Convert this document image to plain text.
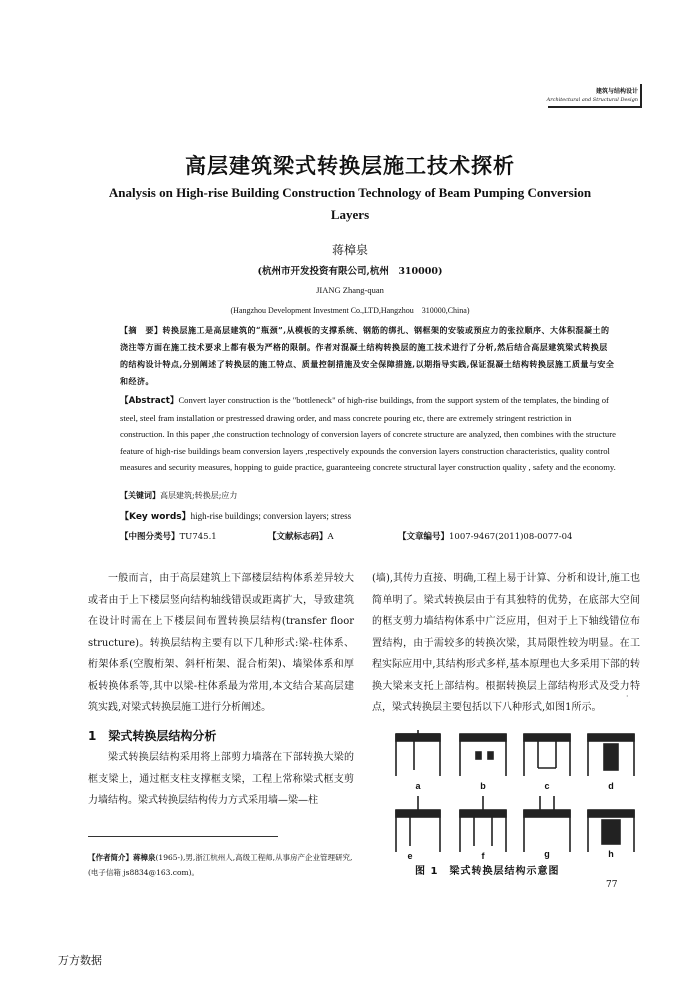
建筑与结构设计
Architectural and Structural Design
高层建筑梁式转换层施工技术探析
Analysis on High-rise Building Construction Technology of Beam Pumping Conversion Layers
蒋樟泉
(杭州市开发投资有限公司,杭州　310000)
JIANG Zhang-quan
(Hangzhou Development Investment Co.,LTD,Hangzhou　310000,China)
【摘　要】转换层施工是高层建筑的“瓶颈”,从模板的支撑系统、钢筋的绑扎、钢框架的安装或预应力的张拉顺序、大体积混凝土的浇注等方面在施工技术要求上都有极为严格的限制。作者对混凝土结构转换层的施工技术进行了分析,然后结合高层建筑梁式转换层的结构设计特点,分别阐述了转换层的施工特点、质量控制措施及安全保障措施,以期指导实践,保证混凝土结构转换层施工质量与安全和经济。
【Abstract】Convert layer construction is the "bottleneck" of high-rise buildings, from the support system of the templates, the binding of steel, steel fram installation or prestressed drawing order, and mass concrete pouring etc, there are extremely stringent restriction in construction. In this paper ,the construction technology of conversion layers of concrete structure are analyzed, then combines with the structure feature of high-rise buildings beam conversion layers ,respectively expounds the conversion layers construction characteristics, quality control measures and security measures, hopping to guide practice, guaranteeing concrete structural layer construction quality , safety and the economy.
【关键词】高层建筑;转换层;应力
【Key words】high-rise buildings; conversion layers; stress
【中图分类号】TU745.1	【文献标志码】A	【文章编号】1007-9467(2011)08-0077-04
一般而言，由于高层建筑上下部楼层结构体系差异较大或者由于上下楼层竖向结构轴线错误或距离扩大，导致建筑在设计时需在上下楼层间布置转换层结构(transfer floor structure)。转换层结构主要有以下几种形式:梁-柱体系、桁架体系(空腹桁架、斜杆桁架、混合桁架)、墙梁体系和厚板转换体系等,其中以梁-柱体系最为常用,本文结合某高层建筑实践,对梁式转换层施工进行分析阐述。
1　梁式转换层结构分析
梁式转换层结构采用将上部剪力墙落在下部转换大梁的框支梁上，通过框支柱支撑框支梁，工程上常称梁式框支剪力墙结构。梁式转换层结构传力方式采用墙—梁—柱
(墙),其传力直接、明确,工程上易于计算、分析和设计,施工也简单明了。梁式转换层由于有其独特的优势，在底部大空间的框支剪力墙结构体系中广泛应用，但对于上下轴线错位布置结构，由于需较多的转换次梁，其局限性较为明显。在工程实际应用中,其结构形式多样,基本原理也大多采用下部的转换大梁来支托上部结构。根据转换层上部结构形式及受力特点，梁式转换层主要包括以下八种形式,如图1所示。
·
【作者简介】蒋樟泉(1965-),男,浙江杭州人,高级工程师,从事房产企业管理研究,(电子信箱 js8834@163.com)。
a	b	c	d
e	f	g	h
图 1　 梁式转换层结构示意图
77
万方数据
